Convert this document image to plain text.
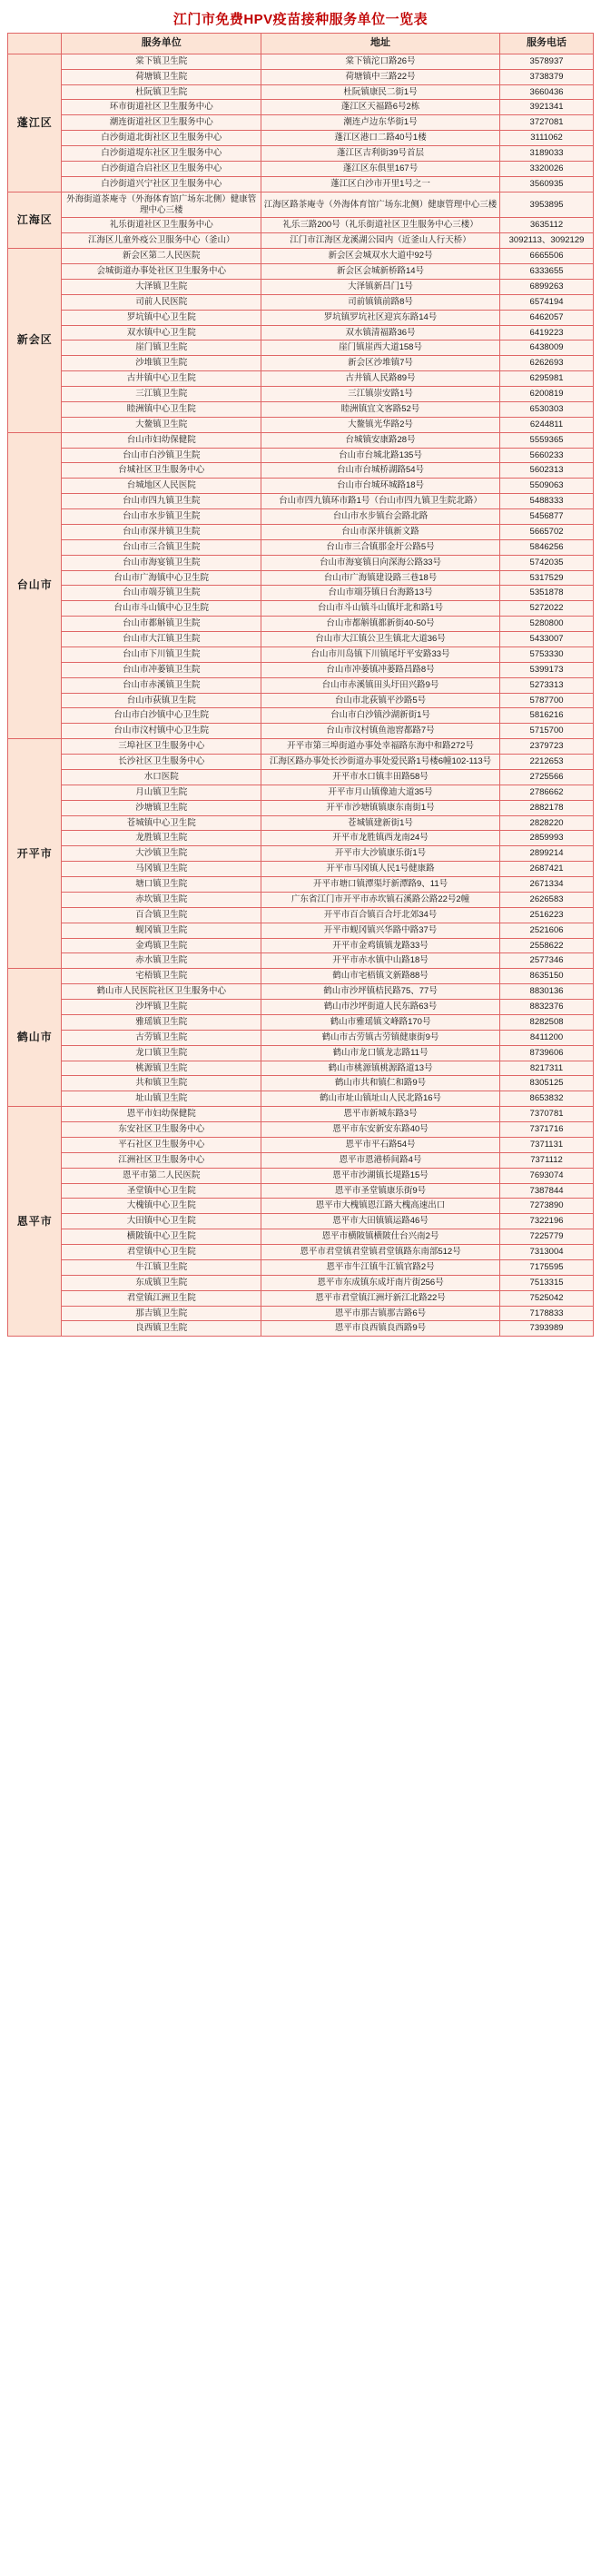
江门市免费HPV疫苗接种服务单位一览表
	服务单位	地址	服务电话
蓬江区	棠下镇卫生院	棠下镇沱口路26号	3578937
	荷塘镇卫生院	荷塘镇中三路22号	3738379
	杜阮镇卫生院	杜阮镇康民二街1号	3660436
	环市街道社区卫生服务中心	蓬江区天福路6号2栋	3921341
	潮连街道社区卫生服务中心	潮连卢边东华街1号	3727081
	白沙街道北街社区卫生服务中心	蓬江区港口二路40号1楼	3111062
	白沙街道堤东社区卫生服务中心	蓬江区吉利街39号首层	3189033
	白沙街道合启社区卫生服务中心	蓬江区东俱里167号	3320026
	白沙街道兴宁社区卫生服务中心	蓬江区白沙市开里1号之一	3560935
江海区	外海街道茶庵寺（外海体育馆广场东北侧）健康管理中心三楼	江海区路茶庵寺（外海体育馆广场东北侧）健康管理中心三楼	3953895
	礼乐街道社区卫生服务中心	礼乐三路200号（礼乐街道社区卫生服务中心三楼）	3635112
	江海区儿童外疫公卫服务中心（釜山）	江门市江海区龙溪湖公园内（近釜山人行天桥）	3092113、3092129
新会区	新会区第二人民医院	新会区会城双水大道中92号	6665506
	会城街道办事处社区卫生服务中心	新会区会城新桥路14号	6333655
	大泽镇卫生院	大泽镇新昌门1号	6899263
	司前人民医院	司前镇镇前路8号	6574194
	罗坑镇中心卫生院	罗坑镇罗坑社区迎宾东路14号	6462057
	双水镇中心卫生院	双水镇清福路36号	6419223
	崖门镇卫生院	崖门镇崖西大道158号	6438009
	沙堆镇卫生院	新会区沙堆镇7号	6262693
	古井镇中心卫生院	古井镇人民路89号	6295981
	三江镇卫生院	三江镇崇安路1号	6200819
	睦洲镇中心卫生院	睦洲镇宜文客路52号	6530303
	大鳌镇卫生院	大鳌镇光华路2号	6244811
台山市	台山市妇幼保健院	台城镇安康路28号	5559365
	台山市白沙镇卫生院	台山市台城北路135号	5660233
	台城社区卫生服务中心	台山市台城桥湖路54号	5602313
	台城地区人民医院	台山市台城环城路18号	5509063
	台山市四九镇卫生院	台山市四九镇环市路1号（台山市四九镇卫生院北路）	5488333
	台山市水步镇卫生院	台山市水步镇台会路北路	5456877
	台山市深井镇卫生院	台山市深井镇新文路	5665702
	台山市三合镇卫生院	台山市三合镇那金圩公路5号	5846256
	台山市海宴镇卫生院	台山市海宴镇日向深海公路33号	5742035
	台山市广海镇中心卫生院	台山市广海镇建设路三巷18号	5317529
	台山市端芬镇卫生院	台山市端芬镇日台海路13号	5351878
	台山市斗山镇中心卫生院	台山市斗山镇斗山镇圩北和路1号	5272022
	台山市都斛镇卫生院	台山市都斛镇都新街40-50号	5280800
	台山市大江镇卫生院	台山市大江镇公卫生镇北大道36号	5433007
	台山市下川镇卫生院	台山市川岛镇下川镇尾圩平安路33号	5753330
	台山市冲蒌镇卫生院	台山市冲蒌镇冲蒌路昌路8号	5399173
	台山市赤溪镇卫生院	台山市赤溪镇田头圩田兴路9号	5273313
	台山市荻镇卫生院	台山市北荻镇平沙路5号	5787700
	台山市白沙镇中心卫生院	台山市白沙镇沙湖新街1号	5816216
	台山市汶村镇中心卫生院	台山市汶村镇鱼池窖都路7号	5715700
开平市	三埠社区卫生服务中心	开平市第三埠街道办事处幸福路东海中和路272号	2379723
	长沙社区卫生服务中心	江海区路办事处长沙街道办事处爱民路1号楼6幢102-113号	2212653
	水口医院	开平市水口镇丰田路58号	2725566
	月山镇卫生院	开平市月山镇像迪大道35号	2786662
	沙塘镇卫生院	开平市沙塘镇镇康东南街1号	2882178
	苍城镇中心卫生院	苍城镇建新街1号	2828220
	龙胜镇卫生院	开平市龙胜镇西龙南24号	2859993
	大沙镇卫生院	开平市大沙镇康乐街1号	2899214
	马冈镇卫生院	开平市马冈镇人民1号健康路	2687421
	塘口镇卫生院	开平市塘口镇潭渠圩新潭路9、11号	2671334
	赤坎镇卫生院	广东省江门市开平市赤坎镇石溪路公路22号2幢	2626583
	百合镇卫生院	开平市百合镇百合圩北郊34号	2516223
	蚬冈镇卫生院	开平市蚬冈镇兴华路中路37号	2521606
	金鸡镇卫生院	开平市金鸡镇镇龙路33号	2558622
	赤水镇卫生院	开平市赤水镇中山路18号	2577346
鹤山市	宅梧镇卫生院	鹤山市宅梧镇文新路88号	8635150
	鹤山市人民医院社区卫生服务中心	鹤山市沙坪镇桔民路75、77号	8830136
	沙坪镇卫生院	鹤山市沙坪街道人民东路63号	8832376
	雅瑶镇卫生院	鹤山市雅瑶镇文峰路170号	8282508
	古劳镇卫生院	鹤山市古劳镇古劳镇健康街9号	8411200
	龙口镇卫生院	鹤山市龙口镇龙志路11号	8739606
	桃源镇卫生院	鹤山市桃源镇桃源路道13号	8217311
	共和镇卫生院	鹤山市共和镇仁和路9号	8305125
	址山镇卫生院	鹤山市址山镇址山人民北路16号	8653832
恩平市	恩平市妇幼保健院	恩平市新城东路3号	7370781
	东安社区卫生服务中心	恩平市东安新安东路40号	7371716
	平石社区卫生服务中心	恩平市平石路54号	7371131
	江洲社区卫生服务中心	恩平市恩港桥间路4号	7371112
	恩平市第二人民医院	恩平市沙湖镇长堤路15号	7693074
	圣堂镇中心卫生院	恩平市圣堂镇康乐街9号	7387844
	大槐镇中心卫生院	恩平市大槐镇恩江路大槐高速出口	7273890
	大田镇中心卫生院	恩平市大田镇镇运路46号	7322196
	横陂镇中心卫生院	恩平市横陂镇横陂仕台兴南2号	7225779
	君堂镇中心卫生院	恩平市君堂镇君堂镇君堂镇路东南部512号	7313004
	牛江镇卫生院	恩平市牛江镇牛江镇官路2号	7175595
	东成镇卫生院	恩平市东成镇东成圩南片街256号	7513315
	君堂镇江洲卫生院	恩平市君堂镇江洲圩新江北路22号	7525042
	那吉镇卫生院	恩平市那吉镇那吉路6号	7178833
	良西镇卫生院	恩平市良西镇良西路9号	7393989
